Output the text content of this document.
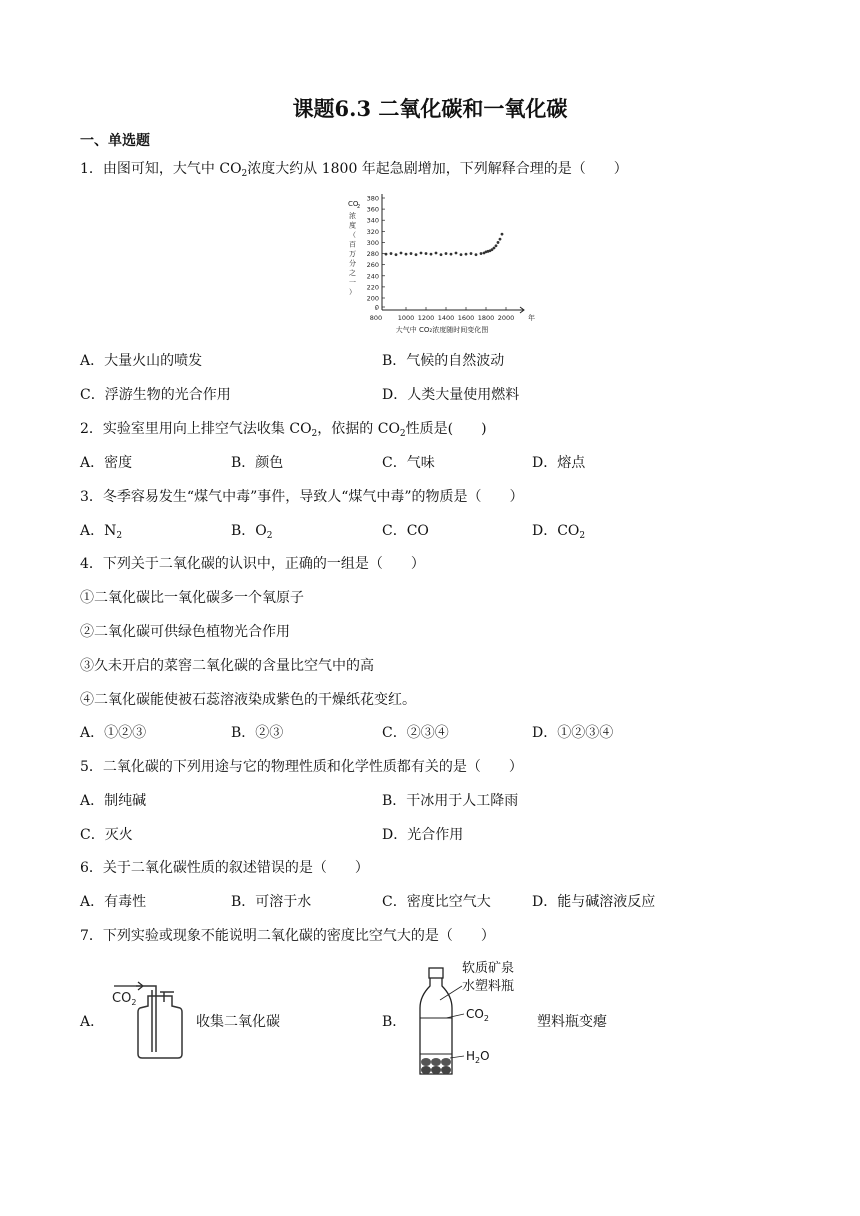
课题6.3 二氧化碳和一氧化碳
一、单选题
1．由图可知，大气中 $CO_2$浓度大约从 1800 年起急剧增加，下列解释合理的是（　　）
0
200
220
240
260
280
300
320
340
360
380
800 1000 1200 1400 1600 1800 2000 年
CO
2
浓
度
（
百
万
分
之
一
）
大气中 CO₂浓度随时间变化图
A．大量火山的喷发	B．气候的自然波动
C．浮游生物的光合作用	D．人类大量使用燃料
2．实验室里用向上排空气法收集 $CO_2$，依据的 $CO_2$性质是(　　)
A．密度	B．颜色	C．气味	D．熔点
3．冬季容易发生“煤气中毒”事件，导致人“煤气中毒”的物质是（　　）
A．$N_2$	B．$O_2$	C．CO	D．$CO_2$
4．下列关于二氧化碳的认识中，正确的一组是（　　）
①二氧化碳比一氧化碳多一个氧原子
②二氧化碳可供绿色植物光合作用
③久未开启的菜窖二氧化碳的含量比空气中的高
④二氧化碳能使被石蕊溶液染成紫色的干燥纸花变红。
A．①②③	B．②③	C．②③④	D．①②③④
5．二氧化碳的下列用途与它的物理性质和化学性质都有关的是（　　）
A．制纯碱	B．干冰用于人工降雨
C．灭火	D．光合作用
6．关于二氧化碳性质的叙述错误的是（　　）
A．有毒性	B．可溶于水	C．密度比空气大	D．能与碱溶液反应
7．下列实验或现象不能说明二氧化碳的密度比空气大的是（　　）
A．
$CO_2$
收集二氧化碳	B．
软质矿泉
水塑料瓶
$CO_2$
$H_2O$
塑料瓶变瘪
